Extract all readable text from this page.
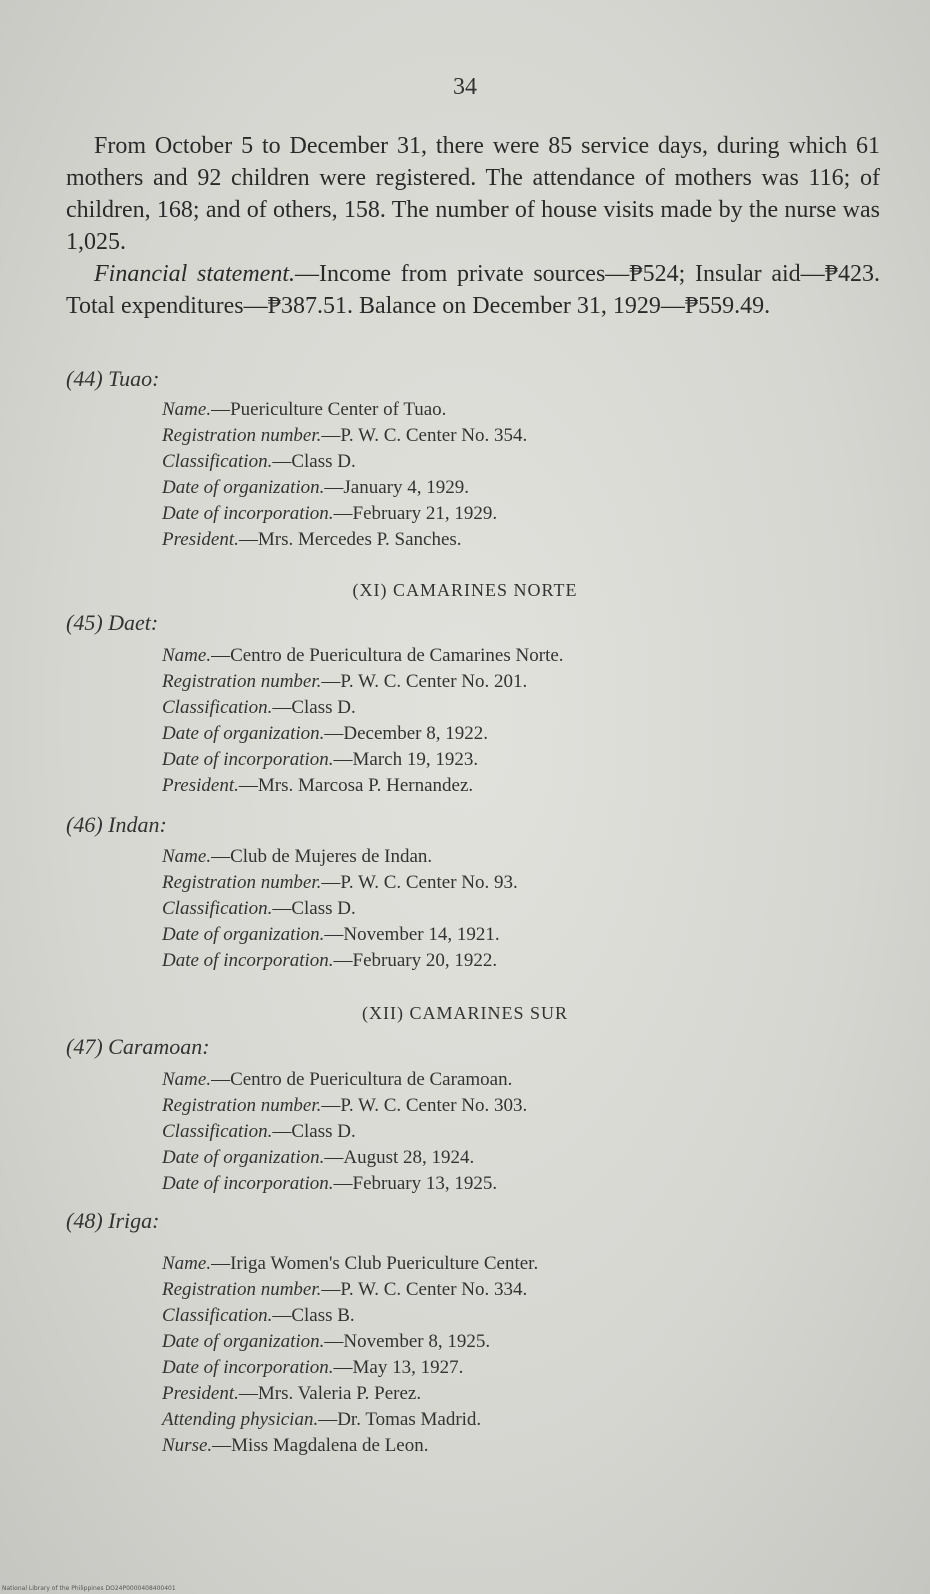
34

From October 5 to December 31, there were 85 service days, during which 61 mothers and 92 children were registered. The attendance of mothers was 116; of children, 168; and of others, 158. The number of house visits made by the nurse was 1,025.

Financial statement.—Income from private sources—₱524; Insular aid—₱423. Total expenditures—₱387.51. Balance on December 31, 1929—₱559.49.

(44) Tuao:
Name.—Puericulture Center of Tuao.
Registration number.—P. W. C. Center No. 354.
Classification.—Class D.
Date of organization.—January 4, 1929.
Date of incorporation.—February 21, 1929.
President.—Mrs. Mercedes P. Sanches.
(XI) CAMARINES NORTE
(45) Daet:
Name.—Centro de Puericultura de Camarines Norte.
Registration number.—P. W. C. Center No. 201.
Classification.—Class D.
Date of organization.—December 8, 1922.
Date of incorporation.—March 19, 1923.
President.—Mrs. Marcosa P. Hernandez.
(46) Indan:
Name.—Club de Mujeres de Indan.
Registration number.—P. W. C. Center No. 93.
Classification.—Class D.
Date of organization.—November 14, 1921.
Date of incorporation.—February 20, 1922.
(XII) CAMARINES SUR
(47) Caramoan:
Name.—Centro de Puericultura de Caramoan.
Registration number.—P. W. C. Center No. 303.
Classification.—Class D.
Date of organization.—August 28, 1924.
Date of incorporation.—February 13, 1925.
(48) Iriga:
Name.—Iriga Women's Club Puericulture Center.
Registration number.—P. W. C. Center No. 334.
Classification.—Class B.
Date of organization.—November 8, 1925.
Date of incorporation.—May 13, 1927.
President.—Mrs. Valeria P. Perez.
Attending physician.—Dr. Tomas Madrid.
Nurse.—Miss Magdalena de Leon.
National Library of the Philippines DO24P0000408400401
